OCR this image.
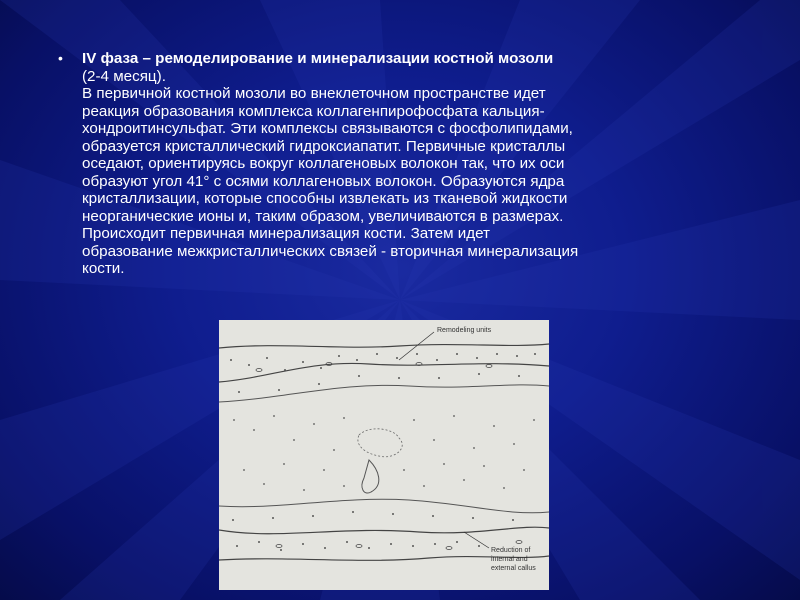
•	IV фаза – ремоделирование и минерализации костной мозоли
(2-4 месяц).
В первичной костной мозоли во внеклеточном пространстве идет
реакция образования комплекса коллагенпирофосфата кальция-
хондроитинсульфат. Эти комплексы связываются с фосфолипидами,
образуется кристаллический гидроксиапатит. Первичные кристаллы
оседают, ориентируясь вокруг коллагеновых волокон так, что их оси
образуют угол 41° с осями коллагеновых волокон. Образуются ядра
кристаллизации, которые способны извлекать из тканевой жидкости
неорганические ионы и, таким образом, увеличиваются в размерах.
Происходит первичная минерализация кости. Затем идет
образование межкристаллических связей - вторичная минерализация
кости.
Remodeling units
Reduction of
internal and
external callus
